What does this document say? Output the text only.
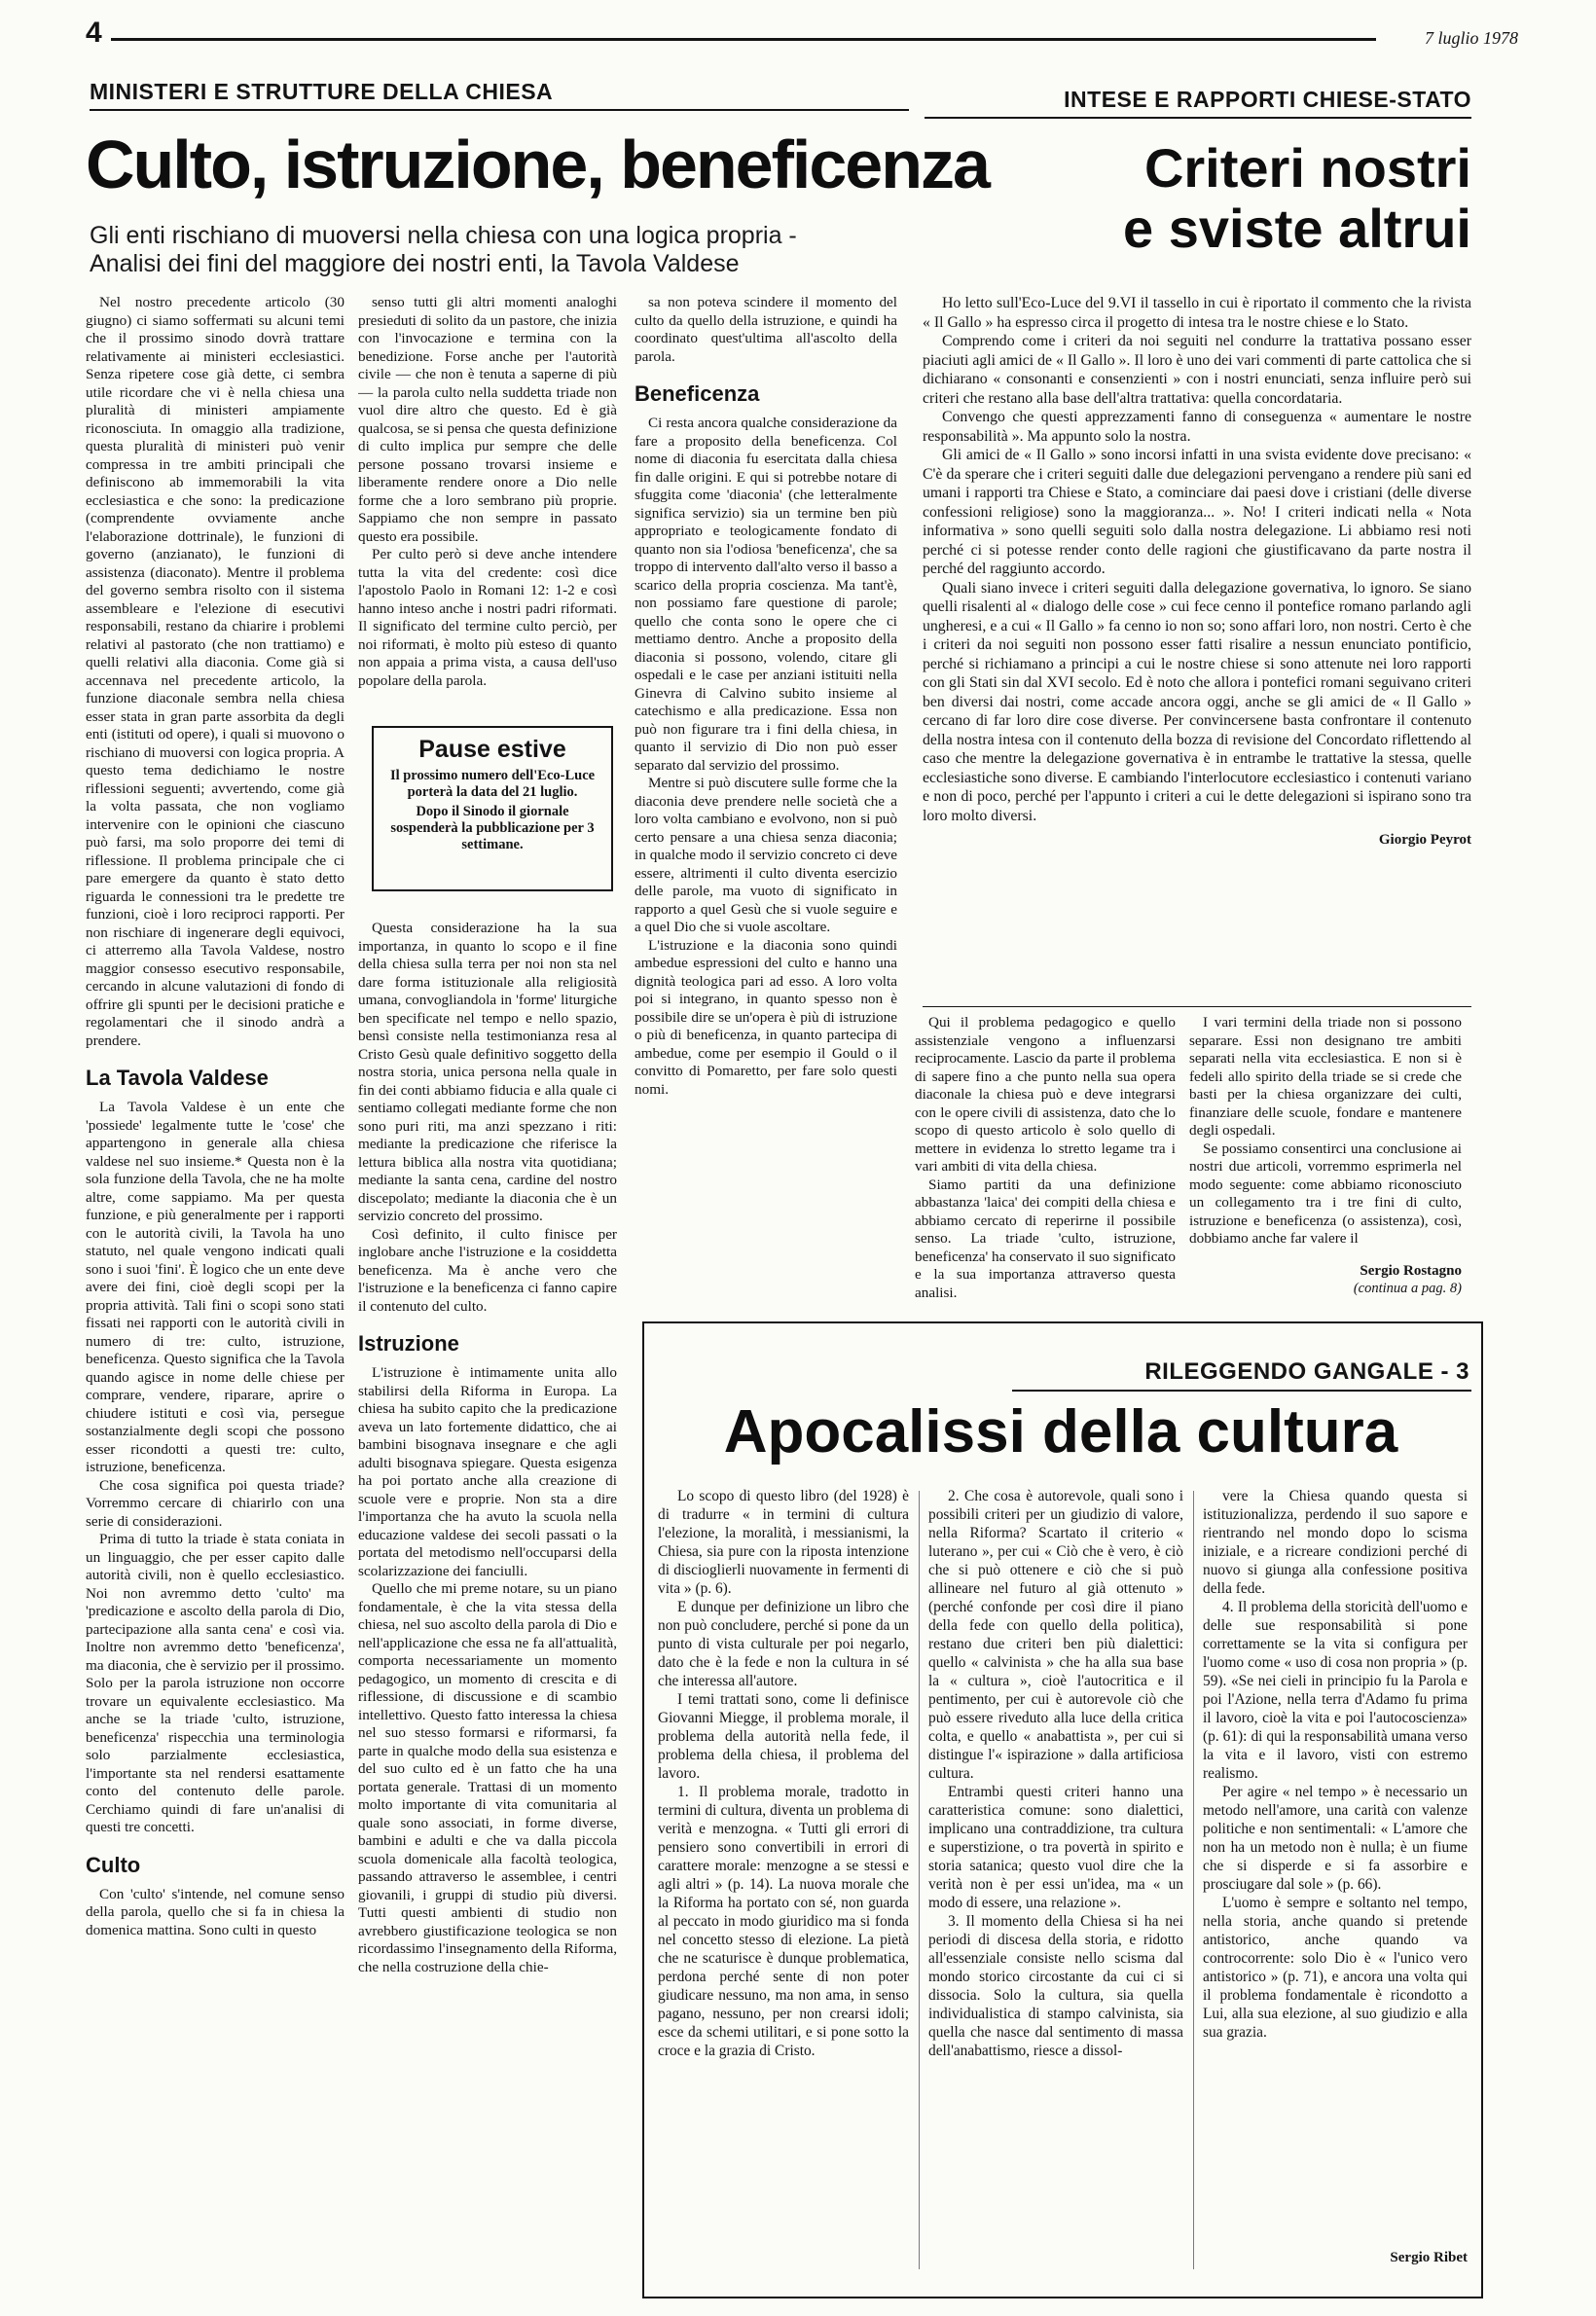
4	7 luglio 1978
MINISTERI E STRUTTURE DELLA CHIESA	INTESE E RAPPORTI CHIESE-STATO
Culto, istruzione, beneficenza
Gli enti rischiano di muoversi nella chiesa con una logica propria -
Analisi dei fini del maggiore dei nostri enti, la Tavola Valdese

Nel nostro precedente articolo (30 giugno) ci siamo soffermati su alcuni temi che il prossimo sinodo dovrà trattare relativamente ai ministeri ecclesiastici. Senza ripetere cose già dette, ci sembra utile ricordare che vi è nella chiesa una pluralità di ministeri ampiamente riconosciuta. In omaggio alla tradizione, questa pluralità di ministeri può venir compressa in tre ambiti principali che definiscono ab immemorabili la vita ecclesiastica e che sono: la predicazione (comprendente ovviamente anche l'elaborazione dottrinale), le funzioni di governo (anzianato), le funzioni di assistenza (diaconato). Mentre il problema del governo sembra risolto con il sistema assembleare e l'elezione di esecutivi responsabili, restano da chiarire i problemi relativi al pastorato (che non trattiamo) e quelli relativi alla diaconia. Come già si accennava nel precedente articolo, la funzione diaconale sembra nella chiesa esser stata in gran parte assorbita da degli enti (istituti od opere), i quali si muovono o rischiano di muoversi con logica propria. A questo tema dedichiamo le nostre riflessioni seguenti; avvertendo, come già la volta passata, che non vogliamo intervenire con le opinioni che ciascuno può farsi, ma solo proporre dei temi di riflessione. Il problema principale che ci pare emergere da quanto è stato detto riguarda le connessioni tra le predette tre funzioni, cioè i loro reciproci rapporti. Per non rischiare di ingenerare degli equivoci, ci atterremo alla Tavola Valdese, nostro maggior consesso esecutivo responsabile, cercando in alcune valutazioni di fondo di offrire gli spunti per le decisioni pratiche e regolamentari che il sinodo andrà a prendere.

La Tavola Valdese

La Tavola Valdese è un ente che 'possiede' legalmente tutte le 'cose' che appartengono in generale alla chiesa valdese nel suo insieme.* Questa non è la sola funzione della Tavola, che ne ha molte altre, come sappiamo. Ma per questa funzione, e più generalmente per i rapporti con le autorità civili, la Tavola ha uno statuto, nel quale vengono indicati quali sono i suoi 'fini'. È logico che un ente deve avere dei fini, cioè degli scopi per la propria attività. Tali fini o scopi sono stati fissati nei rapporti con le autorità civili in numero di tre: culto, istruzione, beneficenza. Questo significa che la Tavola quando agisce in nome delle chiese per comprare, vendere, riparare, aprire o chiudere istituti e così via, persegue sostanzialmente degli scopi che possono esser ricondotti a questi tre: culto, istruzione, beneficenza.

Che cosa significa poi questa triade? Vorremmo cercare di chiarirlo con una serie di considerazioni.

Prima di tutto la triade è stata coniata in un linguaggio, che per esser capito dalle autorità civili, non è quello ecclesiastico. Noi non avremmo detto 'culto' ma 'predicazione e ascolto della parola di Dio, partecipazione alla santa cena' e così via. Inoltre non avremmo detto 'beneficenza', ma diaconia, che è servizio per il prossimo. Solo per la parola istruzione non occorre trovare un equivalente ecclesiastico. Ma anche se la triade 'culto, istruzione, beneficenza' rispecchia una terminologia solo parzialmente ecclesiastica, l'importante sta nel rendersi esattamente conto del contenuto delle parole. Cerchiamo quindi di fare un'analisi di questi tre concetti.

Culto

Con 'culto' s'intende, nel comune senso della parola, quello che si fa in chiesa la domenica mattina. Sono culti in questo

senso tutti gli altri momenti analoghi presieduti di solito da un pastore, che inizia con l'invocazione e termina con la benedizione. Forse anche per l'autorità civile — che non è tenuta a saperne di più — la parola culto nella suddetta triade non vuol dire altro che questo. Ed è già qualcosa, se si pensa che questa definizione di culto implica pur sempre che delle persone possano trovarsi insieme e liberamente rendere onore a Dio nelle forme che a loro sembrano più proprie. Sappiamo che non sempre in passato questo era possibile.

Per culto però si deve anche intendere tutta la vita del credente: così dice l'apostolo Paolo in Romani 12: 1-2 e così hanno inteso anche i nostri padri riformati. Il significato del termine culto perciò, per noi riformati, è molto più esteso di quanto non appaia a prima vista, a causa dell'uso popolare della parola.

Questa considerazione ha la sua importanza, in quanto lo scopo e il fine della chiesa sulla terra per noi non sta nel dare forma istituzionale alla religiosità umana, convogliandola in 'forme' liturgiche ben specificate nel tempo e nello spazio, bensì consiste nella testimonianza resa al Cristo Gesù quale definitivo soggetto della nostra storia, unica persona nella quale in fin dei conti abbiamo fiducia e alla quale ci sentiamo collegati mediante forme che non sono puri riti, ma anzi spezzano i riti: mediante la predicazione che riferisce la lettura biblica alla nostra vita quotidiana; mediante la santa cena, cardine del nostro discepolato; mediante la diaconia che è un servizio concreto del prossimo.

Così definito, il culto finisce per inglobare anche l'istruzione e la cosiddetta beneficenza. Ma è anche vero che l'istruzione e la beneficenza ci fanno capire il contenuto del culto.

Istruzione

L'istruzione è intimamente unita allo stabilirsi della Riforma in Europa. La chiesa ha subito capito che la predicazione aveva un lato fortemente didattico, che ai bambini bisognava insegnare e che agli adulti bisognava spiegare. Questa esigenza ha poi portato anche alla creazione di scuole vere e proprie. Non sta a dire l'importanza che ha avuto la scuola nella educazione valdese dei secoli passati o la portata del metodismo nell'occuparsi della scolarizzazione dei fanciulli.

Quello che mi preme notare, su un piano fondamentale, è che la vita stessa della chiesa, nel suo ascolto della parola di Dio e nell'applicazione che essa ne fa all'attualità, comporta necessariamente un momento pedagogico, un momento di crescita e di riflessione, di discussione e di scambio intellettivo. Questo fatto interessa la chiesa nel suo stesso formarsi e riformarsi, fa parte in qualche modo della sua esistenza e del suo culto ed è un fatto che ha una portata generale. Trattasi di un momento molto importante di vita comunitaria al quale sono associati, in forme diverse, bambini e adulti e che va dalla piccola scuola domenicale alla facoltà teologica, passando attraverso le assemblee, i centri giovanili, i gruppi di studio più diversi. Tutti questi ambienti di studio non avrebbero giustificazione teologica se non ricordassimo l'insegnamento della Riforma, che nella costruzione della chie-

sa non poteva scindere il momento del culto da quello della istruzione, e quindi ha coordinato quest'ultima all'ascolto della parola.

Beneficenza

Ci resta ancora qualche considerazione da fare a proposito della beneficenza. Col nome di diaconia fu esercitata dalla chiesa fin dalle origini. E qui si potrebbe notare di sfuggita come 'diaconia' (che letteralmente significa servizio) sia un termine ben più appropriato e teologicamente fondato di quanto non sia l'odiosa 'beneficenza', che sa troppo di intervento dall'alto verso il basso a scarico della propria coscienza. Ma tant'è, non possiamo fare questione di parole; quello che conta sono le opere che ci mettiamo dentro. Anche a proposito della diaconia si possono, volendo, citare gli ospedali e le case per anziani istituiti nella Ginevra di Calvino subito insieme al catechismo e alla predicazione. Essa non può non figurare tra i fini della chiesa, in quanto il servizio di Dio non può esser separato dal servizio del prossimo.

Mentre si può discutere sulle forme che la diaconia deve prendere nelle società che a loro volta cambiano e evolvono, non si può certo pensare a una chiesa senza diaconia; in qualche modo il servizio concreto ci deve essere, altrimenti il culto diventa esercizio delle parole, ma vuoto di significato in rapporto a quel Gesù che si vuole seguire e a quel Dio che si vuole ascoltare.

L'istruzione e la diaconia sono quindi ambedue espressioni del culto e hanno una dignità teologica pari ad esso. A loro volta poi si integrano, in quanto spesso non è possibile dire se un'opera è più di istruzione o più di beneficenza, in quanto partecipa di ambedue, come per esempio il Gould o il convitto di Pomaretto, per fare solo questi nomi.

Pause estive

Il prossimo numero dell'Eco-Luce porterà la data del 21 luglio.

Dopo il Sinodo il giornale sospenderà la pubblicazione per 3 settimane.

Criteri nostri
e sviste altrui

Ho letto sull'Eco-Luce del 9.VI il tassello in cui è riportato il commento che la rivista « Il Gallo » ha espresso circa il progetto di intesa tra le nostre chiese e lo Stato.

Comprendo come i criteri da noi seguiti nel condurre la trattativa possano esser piaciuti agli amici de « Il Gallo ». Il loro è uno dei vari commenti di parte cattolica che si dichiarano « consonanti e consenzienti » con i nostri enunciati, senza influire però sui criteri che restano alla base dell'altra trattativa: quella concordataria.

Convengo che questi apprezzamenti fanno di conseguenza « aumentare le nostre responsabilità ». Ma appunto solo la nostra.

Gli amici de « Il Gallo » sono incorsi infatti in una svista evidente dove precisano: « C'è da sperare che i criteri seguiti dalle due delegazioni pervengano a rendere più sani ed umani i rapporti tra Chiese e Stato, a cominciare dai paesi dove i cristiani (delle diverse confessioni religiose) sono la maggioranza... ». No! I criteri indicati nella « Nota informativa » sono quelli seguiti solo dalla nostra delegazione. Li abbiamo resi noti perché ci si potesse render conto delle ragioni che giustificavano da parte nostra il perché del raggiunto accordo.

Quali siano invece i criteri seguiti dalla delegazione governativa, lo ignoro. Se siano quelli risalenti al « dialogo delle cose » cui fece cenno il pontefice romano parlando agli ungheresi, e a cui « Il Gallo » fa cenno io non so; sono affari loro, non nostri. Certo è che i criteri da noi seguiti non possono esser fatti risalire a nessun enunciato pontificio, perché si richiamano a principi a cui le nostre chiese si sono attenute nei loro rapporti con gli Stati sin dal XVI secolo. Ed è noto che allora i pontefici romani seguivano criteri ben diversi dai nostri, come accade ancora oggi, anche se gli amici de « Il Gallo » cercano di far loro dire cose diverse. Per convincersene basta confrontare il contenuto della nostra intesa con il contenuto della bozza di revisione del Concordato riflettendo al caso che mentre la delegazione governativa è in entrambe le trattative la stessa, quelle ecclesiastiche sono diverse. E cambiando l'interlocutore ecclesiastico i contenuti variano e non di poco, perché per l'appunto i criteri a cui le dette delegazioni si ispirano sono tra loro molto diversi.

Giorgio Peyrot

Qui il problema pedagogico e quello assistenziale vengono a influenzarsi reciprocamente. Lascio da parte il problema di sapere fino a che punto nella sua opera diaconale la chiesa può e deve integrarsi con le opere civili di assistenza, dato che lo scopo di questo articolo è solo quello di mettere in evidenza lo stretto legame tra i vari ambiti di vita della chiesa.

Siamo partiti da una definizione abbastanza 'laica' dei compiti della chiesa e abbiamo cercato di reperirne il possibile senso. La triade 'culto, istruzione, beneficenza' ha conservato il suo significato e la sua importanza attraverso questa analisi.

I vari termini della triade non si possono separare. Essi non designano tre ambiti separati nella vita ecclesiastica. E non si è fedeli allo spirito della triade se si crede che basti per la chiesa organizzare dei culti, finanziare delle scuole, fondare e mantenere degli ospedali.

Se possiamo consentirci una conclusione ai nostri due articoli, vorremmo esprimerla nel modo seguente: come abbiamo riconosciuto un collegamento tra i tre fini di culto, istruzione e beneficenza (o assistenza), così, dobbiamo anche far valere il

Sergio Rostagno
(continua a pag. 8)
RILEGGENDO GANGALE - 3
Apocalissi della cultura

Lo scopo di questo libro (del 1928) è di tradurre « in termini di cultura l'elezione, la moralità, i messianismi, la Chiesa, sia pure con la riposta intenzione di discioglierli nuovamente in fermenti di vita » (p. 6).

E dunque per definizione un libro che non può concludere, perché si pone da un punto di vista culturale per poi negarlo, dato che è la fede e non la cultura in sé che interessa all'autore.

I temi trattati sono, come li definisce Giovanni Miegge, il problema morale, il problema della autorità nella fede, il problema della chiesa, il problema del lavoro.

1. Il problema morale, tradotto in termini di cultura, diventa un problema di verità e menzogna. « Tutti gli errori di pensiero sono convertibili in errori di carattere morale: menzogne a se stessi e agli altri » (p. 14). La nuova morale che la Riforma ha portato con sé, non guarda al peccato in modo giuridico ma si fonda nel concetto stesso di elezione. La pietà che ne scaturisce è dunque problematica, perdona perché sente di non poter giudicare nessuno, ma non ama, in senso pagano, nessuno, per non crearsi idoli; esce da schemi utilitari, e si pone sotto la croce e la grazia di Cristo.

2. Che cosa è autorevole, quali sono i possibili criteri per un giudizio di valore, nella Riforma? Scartato il criterio « luterano », per cui « Ciò che è vero, è ciò che si può ottenere e ciò che si può allineare nel futuro al già ottenuto » (perché confonde per così dire il piano della fede con quello della politica), restano due criteri ben più dialettici: quello « calvinista » che ha alla sua base la « cultura », cioè l'autocritica e il pentimento, per cui è autorevole ciò che può essere riveduto alla luce della critica colta, e quello « anabattista », per cui si distingue l'« ispirazione » dalla artificiosa cultura.

Entrambi questi criteri hanno una caratteristica comune: sono dialettici, implicano una contraddizione, tra cultura e superstizione, o tra povertà in spirito e storia satanica; questo vuol dire che la verità non è per essi un'idea, ma « un modo di essere, una relazione ».

3. Il momento della Chiesa si ha nei periodi di discesa della storia, e ridotto all'essenziale consiste nello scisma dal mondo storico circostante da cui ci si dissocia. Solo la cultura, sia quella individualistica di stampo calvinista, sia quella che nasce dal sentimento di massa dell'anabattismo, riesce a dissol-

vere la Chiesa quando questa si istituzionalizza, perdendo il suo sapore e rientrando nel mondo dopo lo scisma iniziale, e a ricreare condizioni perché di nuovo si giunga alla confessione positiva della fede.

4. Il problema della storicità dell'uomo e delle sue responsabilità si pone correttamente se la vita si configura per l'uomo come « uso di cosa non propria » (p. 59). «Se nei cieli in principio fu la Parola e poi l'Azione, nella terra d'Adamo fu prima il lavoro, cioè la vita e poi l'autocoscienza» (p. 61): di qui la responsabilità umana verso la vita e il lavoro, visti con estremo realismo.

Per agire « nel tempo » è necessario un metodo nell'amore, una carità con valenze politiche e non sentimentali: « L'amore che non ha un metodo non è nulla; è un fiume che si disperde e si fa assorbire e prosciugare dal sole » (p. 66).

L'uomo è sempre e soltanto nel tempo, nella storia, anche quando si pretende antistorico, anche quando va controcorrente: solo Dio è « l'unico vero antistorico » (p. 71), e ancora una volta qui il problema fondamentale è ricondotto a Lui, alla sua elezione, al suo giudizio e alla sua grazia.

Sergio Ribet
